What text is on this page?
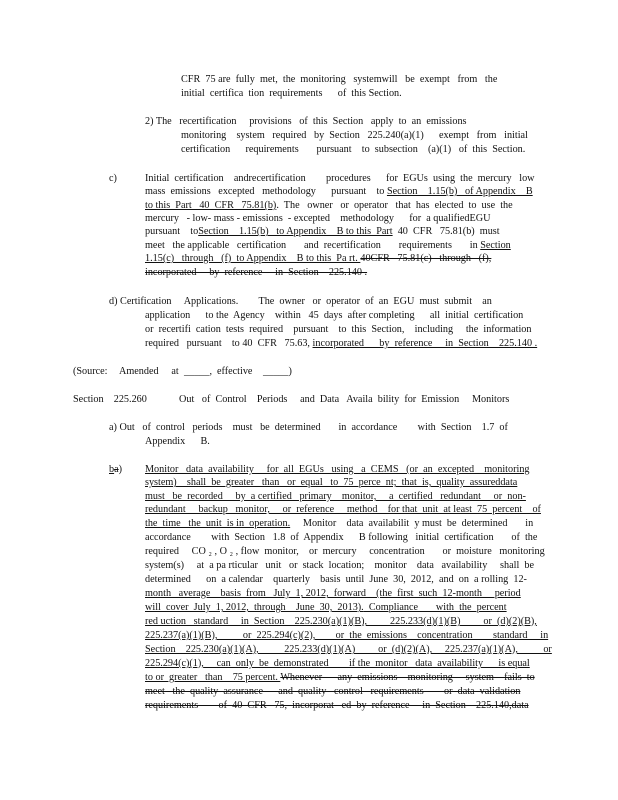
CFR  75 are  fully  met,  the  monitoring   systemwill   be  exempt   from   the
initial  certifica  tion  requirements      of  this Section.
2) The   recertification     provisions   of  this  Section   apply  to  an  emissions
monitoring    system   required   by  Section   225.240(a)(1)      exempt   from   initial
certification      requirements       pursuant    to  subsection    (a)(1)   of  this  Section.
c)	Initial  certification    andrecertification        procedures      for  EGUs  using  the  mercury   low
mass  emissions   excepted   methodology      pursuant    to Section    1.15(b)   of Appendix    B
to this  Part   40  CFR   75.81(b).  The   owner   or  operator   that  has  elected  to  use  the
mercury   - low- mass - emissions  - excepted    methodology      for  a qualifiedEGU
pursuant    toSection    1.15(b)   to Appendix    B to this  Part  40  CFR   75.81(b)  must
meet   the applicable   certification       and  recertification       requirements       in Section
1.15(c)   through   (f)  to Appendix    B to this  Pa rt. 40CFR   75.81(c)   through   (f),
incorporated     by  reference     in  Section    225.140 .
d) Certification     Applications.        The  owner   or  operator  of  an  EGU  must  submit    an
application      to the  Agency    within   45  days  after completing      all  initial  certification
or  recertifi  cation  tests  required    pursuant    to  this  Section,    including     the  information
required   pursuant    to 40  CFR   75.63, incorporated      by  reference     in  Section    225.140 .
(Source: Amended     at _____, effective _____)
Section    225.260	Out   of  Control    Periods     and  Data   Availa  bility  for  Emission     Monitors
a) Out   of  control   periods    must   be  determined       in  accordance        with  Section    1.7  of
Appendix      B.
ba) Monitor   data  availability     for  all  EGUs   using   a  CEMS   (or  an  excepted    monitoring
system)    shall  be  greater   than   or  equal   to  75  perce  nt;  that  is,  quality  assureddata
must   be  recorded     by  a certified   primary    monitor,     a  certified   redundant     or  non-
redundant     backup   monitor,     or  reference     method    for that  unit  at least  75  percent    of
the  time   the  unit  is in  operation. Monitor    data  availabilit  y must  be  determined       in
accordance        with  Section   1.8  of  Appendix      B following   initial  certification       of  the
required     CO ₂ , O ₂ , flow  monitor,    or  mercury     concentration       or  moisture   monitoring
system(s)     at  a pa rticular   unit   or  stack  location;    monitor    data   availability     shall  be
determined      on  a calendar    quarterly    basis  until  June  30,  2012,  and  on  a rolling  12-
month   average    basis  from   July  1, 2012,  forward    (the  first  such  12-month     period
will  cover  July  1, 2012,  through    June  30,  2013).  Compliance       with  the  percent
red uction   standard     in  Section    225.230(a)(1)(B),         225.233(d)(1)(B)         or  (d)(2)(B),
225.237(a)(1)(B),          or  225.294(c)(2),        or  the  emissions    concentration        standard     in
Section    225.230(a)(1)(A),          225.233(d)(1)(A)         or  (d)(2)(A),     225.237(a)(1)(A),          or
225.294(c)(1),     can  only  be  demonstrated        if the  monitor   data  availability      is equal
to or  greater   than    75 percent. Whenever      any  emissions    monitoring     system    fails  to
meet   the  quality  assurance      and  quality   control   requirements        or  data  validation
requirements        of  40  CFR   75,  incorporat   ed  by  reference     in  Section    225.140,data
